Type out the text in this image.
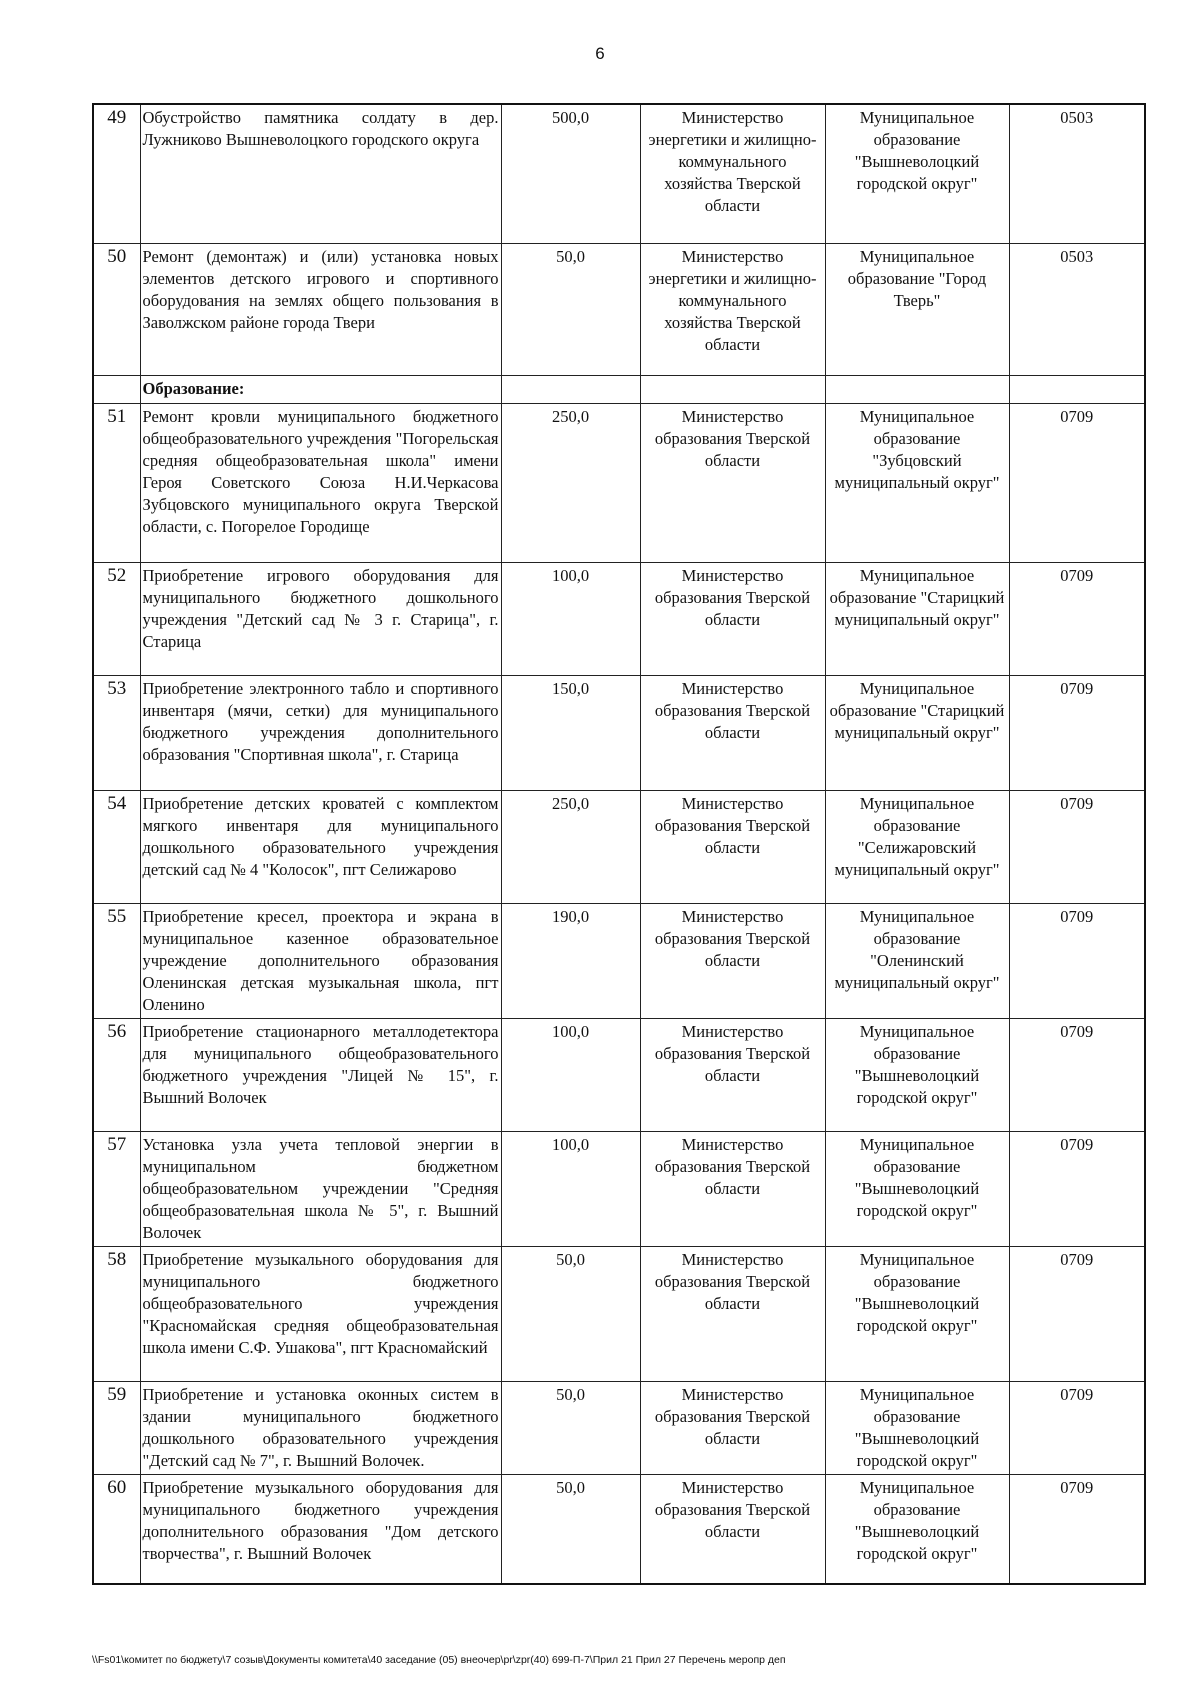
6
49	Обустройство памятника солдату в дер. Лужниково Вышневолоцкого городского округа	500,0	Министерство энергетики и жилищно-коммунального хозяйства Тверской области	Муниципальное образование "Вышневолоцкий городской округ"	0503
50	Ремонт (демонтаж) и (или) установка новых элементов детского игрового и спортивного оборудования на землях общего пользования в Заволжском районе города Твери	50,0	Министерство энергетики и жилищно-коммунального хозяйства Тверской области	Муниципальное образование "Город Тверь"	0503
	Образование:				
51	Ремонт кровли муниципального бюджетного общеобразовательного учреждения "Погорельская средняя общеобразовательная школа" имени Героя Советского Союза Н.И.Черкасова Зубцовского муниципального округа Тверской области, с. Погорелое Городище	250,0	Министерство образования Тверской области	Муниципальное образование "Зубцовский муниципальный округ"	0709
52	Приобретение игрового оборудования для муниципального бюджетного дошкольного учреждения "Детский сад № 3 г. Старица", г. Старица	100,0	Министерство образования Тверской области	Муниципальное образование "Старицкий муниципальный округ"	0709
53	Приобретение электронного табло и спортивного инвентаря (мячи, сетки) для муниципального бюджетного учреждения дополнительного образования "Спортивная школа", г. Старица	150,0	Министерство образования Тверской области	Муниципальное образование "Старицкий муниципальный округ"	0709
54	Приобретение детских кроватей с комплектом мягкого инвентаря для муниципального дошкольного образовательного учреждения детский сад № 4 "Колосок", пгт Селижарово	250,0	Министерство образования Тверской области	Муниципальное образование "Селижаровский муниципальный округ"	0709
55	Приобретение кресел, проектора и экрана в муниципальное казенное образовательное учреждение дополнительного образования Оленинская детская музыкальная школа, пгт Оленино	190,0	Министерство образования Тверской области	Муниципальное образование "Оленинский муниципальный округ"	0709
56	Приобретение стационарного металлодетектора для муниципального общеобразовательного бюджетного учреждения "Лицей № 15", г. Вышний Волочек	100,0	Министерство образования Тверской области	Муниципальное образование "Вышневолоцкий городской округ"	0709
57	Установка узла учета тепловой энергии в муниципальном бюджетном общеобразовательном учреждении "Средняя общеобразовательная школа № 5", г. Вышний Волочек	100,0	Министерство образования Тверской области	Муниципальное образование "Вышневолоцкий городской округ"	0709
58	Приобретение музыкального оборудования для муниципального бюджетного общеобразовательного учреждения "Красномайская средняя общеобразовательная школа имени С.Ф. Ушакова", пгт Красномайский	50,0	Министерство образования Тверской области	Муниципальное образование "Вышневолоцкий городской округ"	0709
59	Приобретение и установка оконных систем в здании муниципального бюджетного дошкольного образовательного учреждения "Детский сад № 7", г. Вышний Волочек.	50,0	Министерство образования Тверской области	Муниципальное образование "Вышневолоцкий городской округ"	0709
60	Приобретение музыкального оборудования для муниципального бюджетного учреждения дополнительного образования "Дом детского творчества", г. Вышний Волочек	50,0	Министерство образования Тверской области	Муниципальное образование "Вышневолоцкий городской округ"	0709
\\Fs01\комитет по бюджету\7 созыв\Документы комитета\40 заседание (05) внеочер\pr\zpr(40) 699-П-7\Прил 21 Прил 27 Перечень меропр деп
